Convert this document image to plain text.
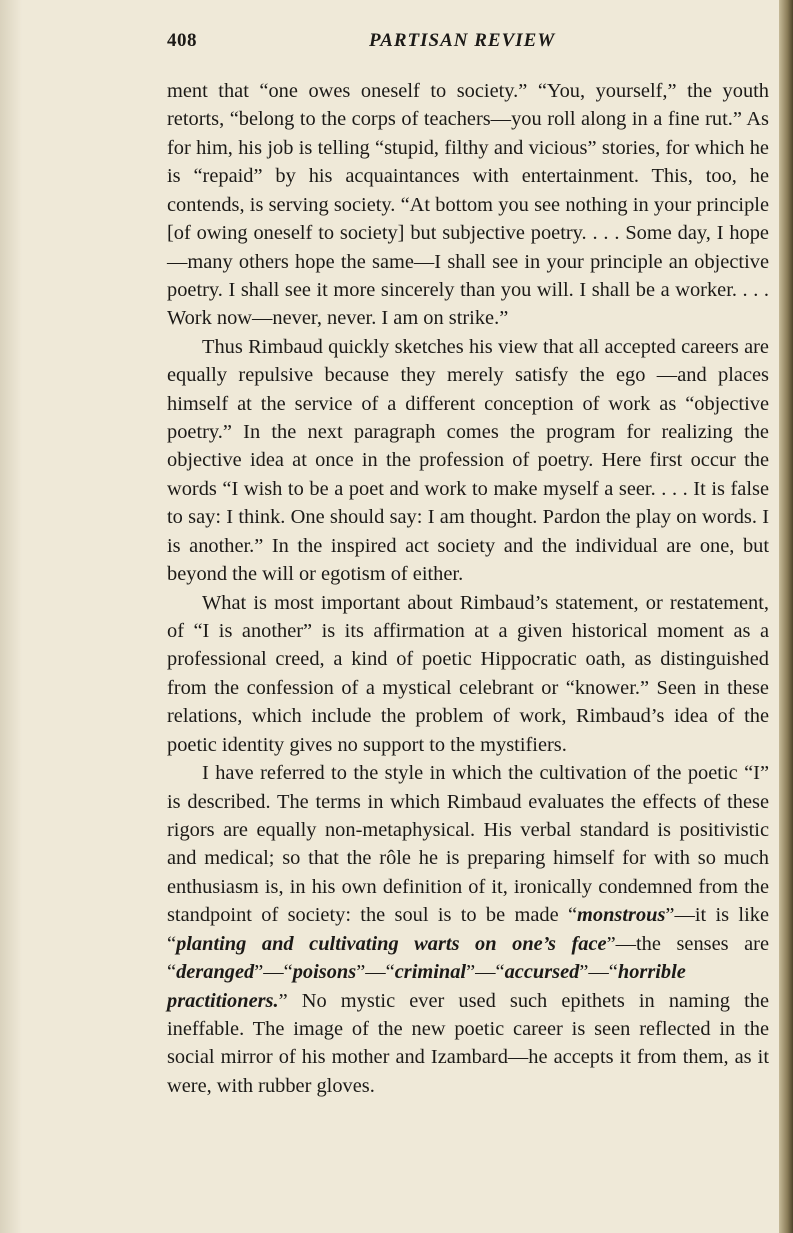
408	PARTISAN REVIEW

ment that “one owes oneself to society.” “You, yourself,” the youth retorts, “belong to the corps of teachers—you roll along in a fine rut.” As for him, his job is telling “stupid, filthy and vicious” stories, for which he is “repaid” by his acquaintances with entertainment. This, too, he contends, is serving society. “At bottom you see nothing in your principle [of owing oneself to society] but subjective poetry. . . . Some day, I hope—many others hope the same—I shall see in your principle an objective poetry. I shall see it more sincerely than you will. I shall be a worker. . . . Work now—never, never. I am on strike.”

Thus Rimbaud quickly sketches his view that all accepted careers are equally repulsive because they merely satisfy the ego —and places himself at the service of a different conception of work as “objective poetry.” In the next paragraph comes the program for realizing the objective idea at once in the profession of poetry. Here first occur the words “I wish to be a poet and work to make myself a seer. . . . It is false to say: I think. One should say: I am thought. Pardon the play on words. I is another.” In the inspired act society and the individual are one, but beyond the will or egotism of either.

What is most important about Rimbaud’s statement, or restatement, of “I is another” is its affirmation at a given historical moment as a professional creed, a kind of poetic Hippocratic oath, as distinguished from the confession of a mystical celebrant or “knower.” Seen in these relations, which include the problem of work, Rimbaud’s idea of the poetic identity gives no support to the mystifiers.

I have referred to the style in which the cultivation of the poetic “I” is described. The terms in which Rimbaud evaluates the effects of these rigors are equally non-metaphysical. His verbal standard is positivistic and medical; so that the rôle he is preparing himself for with so much enthusiasm is, in his own definition of it, ironically condemned from the standpoint of society: the soul is to be made “monstrous”—it is like “planting and cultivating warts on one’s face”—the senses are “deranged”—“poisons”—“criminal”—“accursed”—“horrible practitioners.” No mystic ever used such epithets in naming the ineffable. The image of the new poetic career is seen reflected in the social mirror of his mother and Izambard—he accepts it from them, as it were, with rubber gloves.
